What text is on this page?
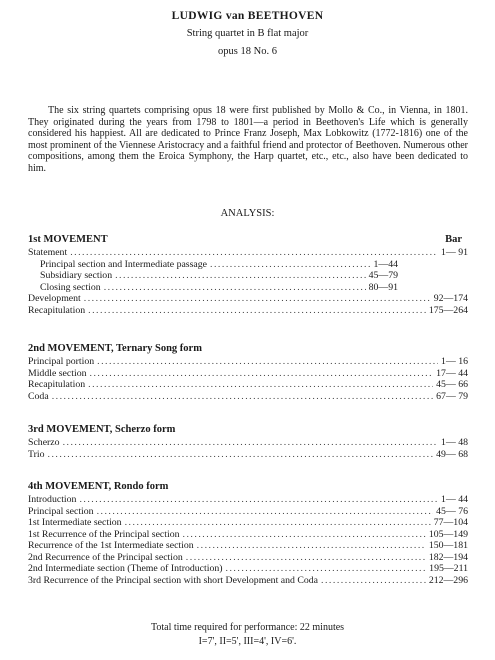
LUDWIG van BEETHOVEN
String quartet in B flat major
opus 18 No. 6
The six string quartets comprising opus 18 were first published by Mollo & Co., in Vienna, in 1801. They originated during the years from 1798 to 1801—a period in Beethoven's Life which is generally considered his happiest. All are dedicated to Prince Franz Joseph, Max Lobkowitz (1772-1816) one of the most prominent of the Viennese Aristocracy and a faithful friend and protector of Beethoven. Numerous other compositions, among them the Eroica Symphony, the Harp quartet, etc., etc., also have been dedicated to him.
ANALYSIS:
1st MOVEMENT	Bar
Statement .....	1— 91
Principal section and Intermediate passage .....	1—44
Subsidiary section .....	45—79
Closing section .....	80—91
Development .....	92—174
Recapitulation .....	175—264
2nd MOVEMENT, Ternary Song form
Principal portion .....	1— 16
Middle section .....	17— 44
Recapitulation .....	45— 66
Coda .....	67— 79
3rd MOVEMENT, Scherzo form
Scherzo .....	1— 48
Trio .....	49— 68
4th MOVEMENT, Rondo form
Introduction .....	1— 44
Principal section .....	45— 76
1st Intermediate section .....	77—104
1st Recurrence of the Principal section .....	105—149
Recurrence of the 1st Intermediate section .....	150—181
2nd Recurrence of the Principal section .....	182—194
2nd Intermediate section (Theme of Introduction) .....	195—211
3rd Recurrence of the Principal section with short Development and Coda .....	212—296
Total time required for performance: 22 minutes
I=7', II=5', III=4', IV=6'.
